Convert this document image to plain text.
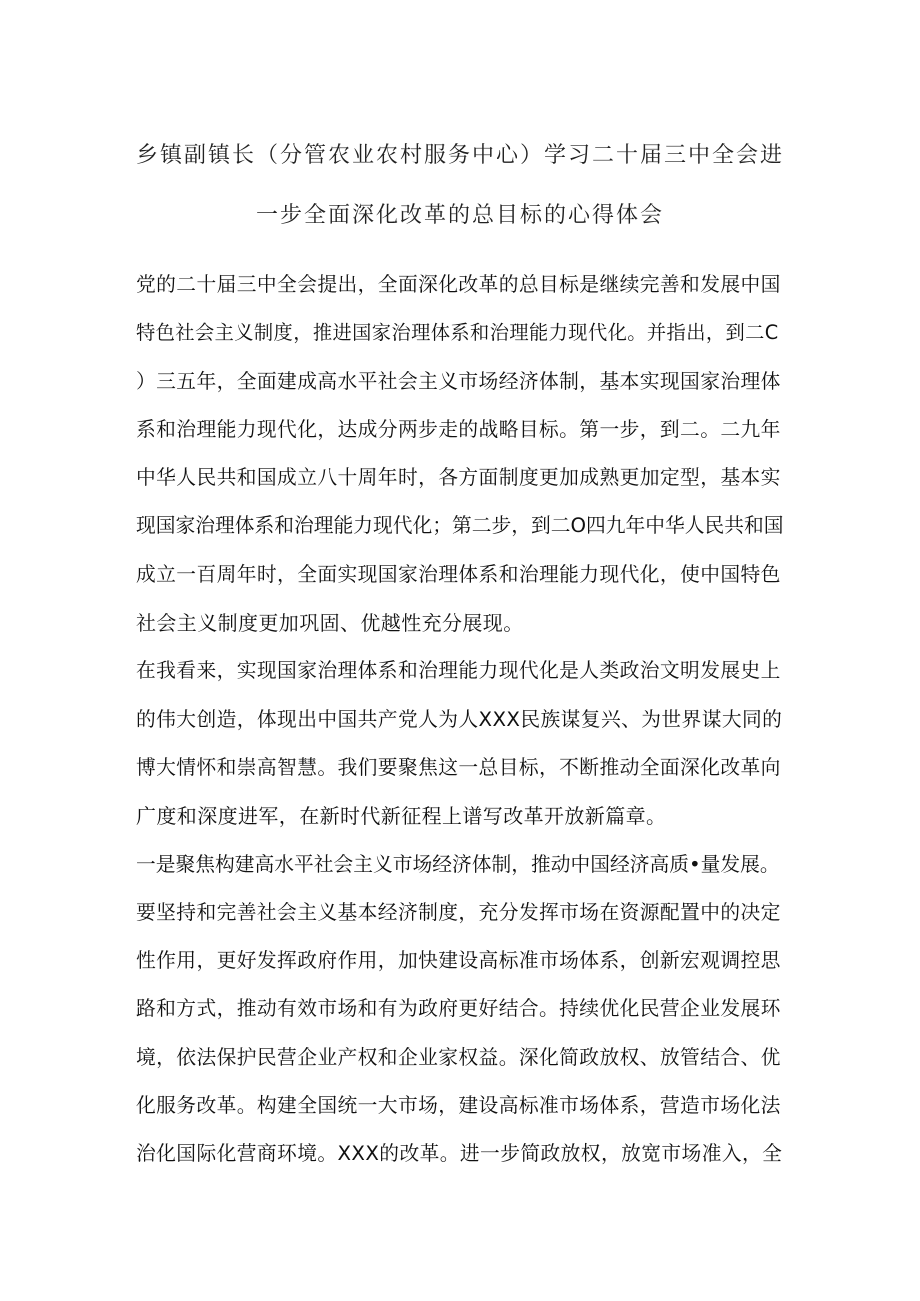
乡镇副镇长（分管农业农村服务中心）学习二十届三中全会进
一步全面深化改革的总目标的心得体会
党的二十届三中全会提出，全面深化改革的总目标是继续完善和发展中国
特色社会主义制度，推进国家治理体系和治理能力现代化。并指出，到二C
）三五年，全面建成高水平社会主义市场经济体制，基本实现国家治理体
系和治理能力现代化，达成分两步走的战略目标。第一步，到二。二九年
中华人民共和国成立八十周年时，各方面制度更加成熟更加定型，基本实
现国家治理体系和治理能力现代化；第二步，到二O四九年中华人民共和国
成立一百周年时，全面实现国家治理体系和治理能力现代化，使中国特色
社会主义制度更加巩固、优越性充分展现。
在我看来，实现国家治理体系和治理能力现代化是人类政治文明发展史上
的伟大创造，体现出中国共产党人为人XXX民族谋复兴、为世界谋大同的
博大情怀和崇高智慧。我们要聚焦这一总目标，不断推动全面深化改革向
广度和深度进军，在新时代新征程上谱写改革开放新篇章。
一是聚焦构建高水平社会主义市场经济体制，推动中国经济高质•量发展。
要坚持和完善社会主义基本经济制度，充分发挥市场在资源配置中的决定
性作用，更好发挥政府作用，加快建设高标准市场体系，创新宏观调控思
路和方式，推动有效市场和有为政府更好结合。持续优化民营企业发展环
境，依法保护民营企业产权和企业家权益。深化简政放权、放管结合、优
化服务改革。构建全国统一大市场，建设高标准市场体系，营造市场化法
治化国际化营商环境。XXX的改革。进一步简政放权，放宽市场准入，全
